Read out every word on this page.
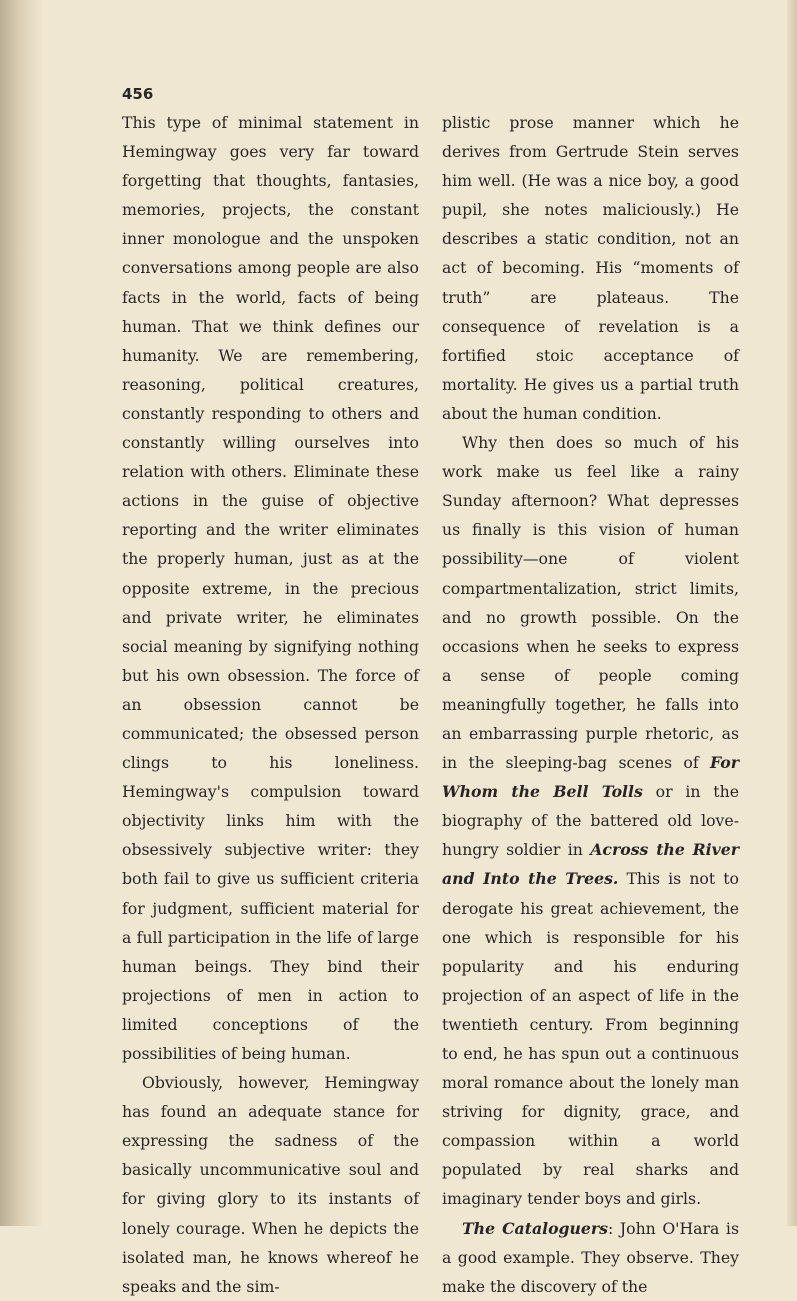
456

This type of minimal statement in Hemingway goes very far toward forgetting that thoughts, fantasies, memories, projects, the constant inner monologue and the unspoken conversations among people are also facts in the world, facts of being human. That we think defines our humanity. We are remembering, reasoning, political creatures, constantly responding to others and constantly willing ourselves into relation with others. Eliminate these actions in the guise of objective reporting and the writer eliminates the properly human, just as at the opposite extreme, in the precious and private writer, he eliminates social meaning by signifying nothing but his own obsession. The force of an obsession cannot be communicated; the obsessed person clings to his loneliness. Hemingway's compulsion toward objectivity links him with the obsessively subjective writer: they both fail to give us sufficient criteria for judgment, sufficient material for a full participation in the life of large human beings. They bind their projections of men in action to limited conceptions of the possibilities of being human.

Obviously, however, Hemingway has found an adequate stance for expressing the sadness of the basically uncommunicative soul and for giving glory to its instants of lonely courage. When he depicts the isolated man, he knows whereof he speaks and the sim-

plistic prose manner which he derives from Gertrude Stein serves him well. (He was a nice boy, a good pupil, she notes maliciously.) He describes a static condition, not an act of becoming. His “moments of truth” are plateaus. The consequence of revelation is a fortified stoic acceptance of mortality. He gives us a partial truth about the human condition.

Why then does so much of his work make us feel like a rainy Sunday afternoon? What depresses us finally is this vision of human possibility—one of violent compartmentalization, strict limits, and no growth possible. On the occasions when he seeks to express a sense of people coming meaningfully together, he falls into an embarrassing purple rhetoric, as in the sleeping-bag scenes of For Whom the Bell Tolls or in the biography of the battered old love-hungry soldier in Across the River and Into the Trees. This is not to derogate his great achievement, the one which is responsible for his popularity and his enduring projection of an aspect of life in the twentieth century. From beginning to end, he has spun out a continuous moral romance about the lonely man striving for dignity, grace, and compassion within a world populated by real sharks and imaginary tender boys and girls.

The Cataloguers: John O'Hara is a good example. They observe. They make the discovery of the
